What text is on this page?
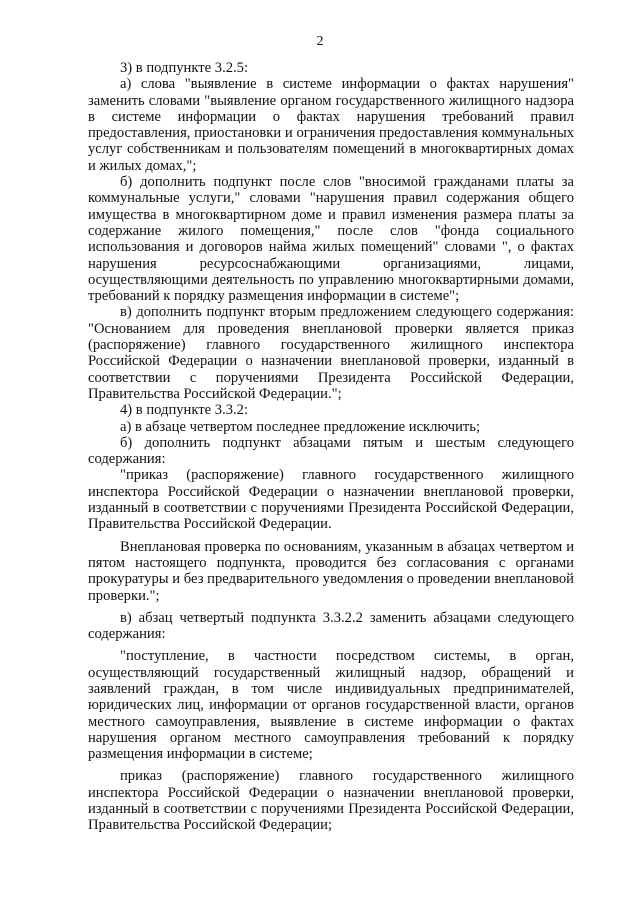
2

3) в подпункте 3.2.5:

а) слова "выявление в системе информации о фактах нарушения" заменить словами "выявление органом государственного жилищного надзора в системе информации о фактах нарушения требований правил предоставления, приостановки и ограничения предоставления коммунальных услуг собственникам и пользователям помещений в многоквартирных домах и жилых домах,";

б) дополнить подпункт после слов "вносимой гражданами платы за коммунальные услуги," словами "нарушения правил содержания общего имущества в многоквартирном доме и правил изменения размера платы за содержание жилого помещения," после слов "фонда социального использования и договоров найма жилых помещений" словами ", о фактах нарушения ресурсоснабжающими организациями, лицами, осуществляющими деятельность по управлению многоквартирными домами, требований к порядку размещения информации в системе";

в) дополнить подпункт вторым предложением следующего содержания: "Основанием для проведения внеплановой проверки является приказ (распоряжение) главного государственного жилищного инспектора Российской Федерации о назначении внеплановой проверки, изданный в соответствии с поручениями Президента Российской Федерации, Правительства Российской Федерации.";

4) в подпункте 3.3.2:

а) в абзаце четвертом последнее предложение исключить;

б) дополнить подпункт абзацами пятым и шестым следующего содержания:

"приказ (распоряжение) главного государственного жилищного инспектора Российской Федерации о назначении внеплановой проверки, изданный в соответствии с поручениями Президента Российской Федерации, Правительства Российской Федерации.

Внеплановая проверка по основаниям, указанным в абзацах четвертом и пятом настоящего подпункта, проводится без согласования с органами прокуратуры и без предварительного уведомления о проведении внеплановой проверки.";

в) абзац четвертый подпункта 3.3.2.2 заменить абзацами следующего содержания:

"поступление, в частности посредством системы, в орган, осуществляющий государственный жилищный надзор, обращений и заявлений граждан, в том числе индивидуальных предпринимателей, юридических лиц, информации от органов государственной власти, органов местного самоуправления, выявление в системе информации о фактах нарушения органом местного самоуправления требований к порядку размещения информации в системе;

приказ (распоряжение) главного государственного жилищного инспектора Российской Федерации о назначении внеплановой проверки, изданный в соответствии с поручениями Президента Российской Федерации, Правительства Российской Федерации;
